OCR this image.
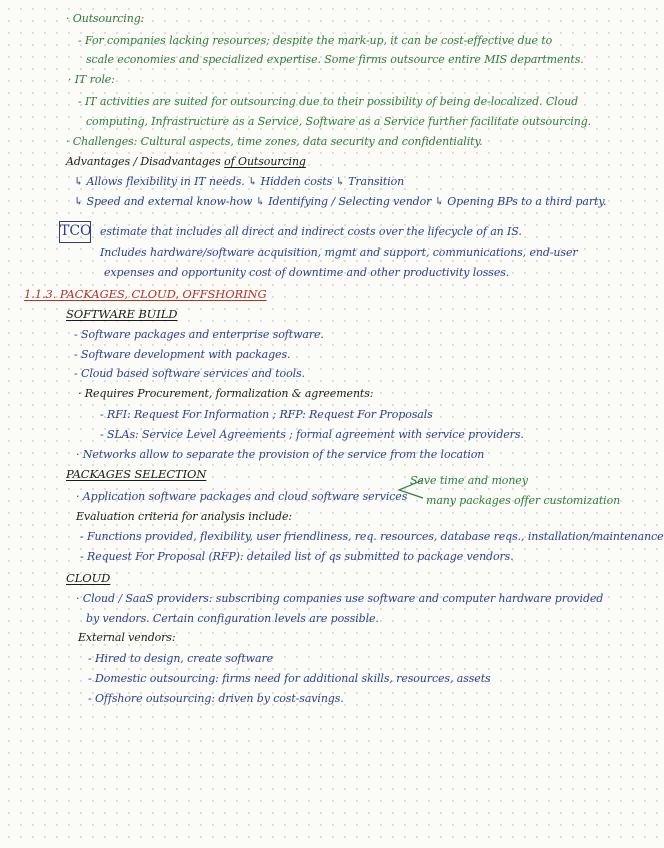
· Outsourcing:

- For companies lacking resources; despite the mark-up, it can be cost-effective due to

scale economies and specialized expertise. Some firms outsource entire MIS departments.

· IT role:

- IT activities are suited for outsourcing due to their possibility of being de-localized. Cloud

computing, Infrastructure as a Service, Software as a Service further facilitate outsourcing.

· Challenges: Cultural aspects, time zones, data security and confidentiality.

Advantages / Disadvantages of Outsourcing

↳ Allows flexibility in IT needs. ↳ Hidden costs ↳ Transition

↳ Speed and external know-how ↳ Identifying / Selecting vendor ↳ Opening BPs to a third party.

TCO estimate that includes all direct and indirect costs over the lifecycle of an IS.

Includes hardware/software acquisition, mgmt and support, communications, end-user

expenses and opportunity cost of downtime and other productivity losses.

1.1.3. PACKAGES, CLOUD, OFFSHORING

SOFTWARE BUILD

- Software packages and enterprise software.

- Software development with packages.

- Cloud based software services and tools.

· Requires Procurement, formalization & agreements:

- RFI: Request For Information ; RFP: Request For Proposals

- SLAs: Service Level Agreements ; formal agreement with service providers.

· Networks allow to separate the provision of the service from the location

PACKAGES SELECTION	Save time and money

· Application software packages and cloud software services many packages offer customization

Evaluation criteria for analysis include:

- Functions provided, flexibility, user friendliness, req. resources, database reqs., installation/maintenance

- Request For Proposal (RFP): detailed list of qs submitted to package vendors.

CLOUD

· Cloud / SaaS providers: subscribing companies use software and computer hardware provided

by vendors. Certain configuration levels are possible.

External vendors:

- Hired to design, create software

- Domestic outsourcing: firms need for additional skills, resources, assets

- Offshore outsourcing: driven by cost-savings.
